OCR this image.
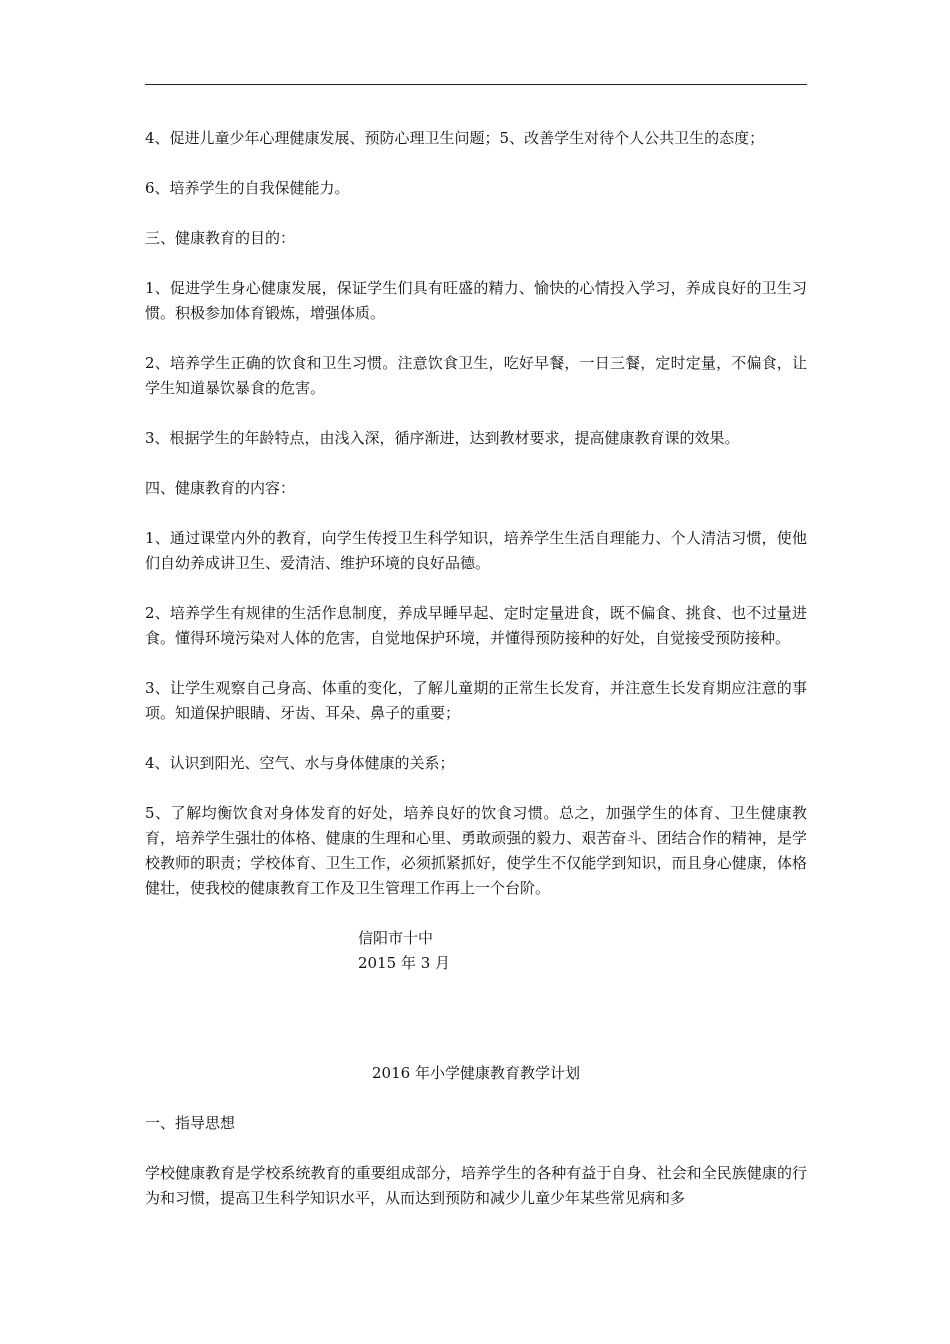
4、促进儿童少年心理健康发展、预防心理卫生问题；5、改善学生对待个人公共卫生的态度；

6、培养学生的自我保健能力。

三、健康教育的目的：

1、促进学生身心健康发展，保证学生们具有旺盛的精力、愉快的心情投入学习，养成良好的卫生习惯。积极参加体育锻炼，增强体质。

2、培养学生正确的饮食和卫生习惯。注意饮食卫生，吃好早餐，一日三餐，定时定量，不偏食，让学生知道暴饮暴食的危害。

3、根据学生的年龄特点，由浅入深，循序渐进，达到教材要求，提高健康教育课的效果。

四、健康教育的内容：

1、通过课堂内外的教育，向学生传授卫生科学知识，培养学生生活自理能力、个人清洁习惯，使他们自幼养成讲卫生、爱清洁、维护环境的良好品德。

2、培养学生有规律的生活作息制度，养成早睡早起、定时定量进食，既不偏食、挑食、也不过量进食。懂得环境污染对人体的危害，自觉地保护环境，并懂得预防接种的好处，自觉接受预防接种。

3、让学生观察自己身高、体重的变化，了解儿童期的正常生长发育，并注意生长发育期应注意的事项。知道保护眼睛、牙齿、耳朵、鼻子的重要；

4、认识到阳光、空气、水与身体健康的关系；

5、了解均衡饮食对身体发育的好处，培养良好的饮食习惯。总之，加强学生的体育、卫生健康教育，培养学生强壮的体格、健康的生理和心里、勇敢顽强的毅力、艰苦奋斗、团结合作的精神，是学校教师的职责；学校体育、卫生工作，必须抓紧抓好，使学生不仅能学到知识，而且身心健康，体格健壮，使我校的健康教育工作及卫生管理工作再上一个台阶。

信阳市十中
2015 年 3 月

2016 年小学健康教育教学计划

一、指导思想

学校健康教育是学校系统教育的重要组成部分，培养学生的各种有益于自身、社会和全民族健康的行为和习惯，提高卫生科学知识水平，从而达到预防和减少儿童少年某些常见病和多
